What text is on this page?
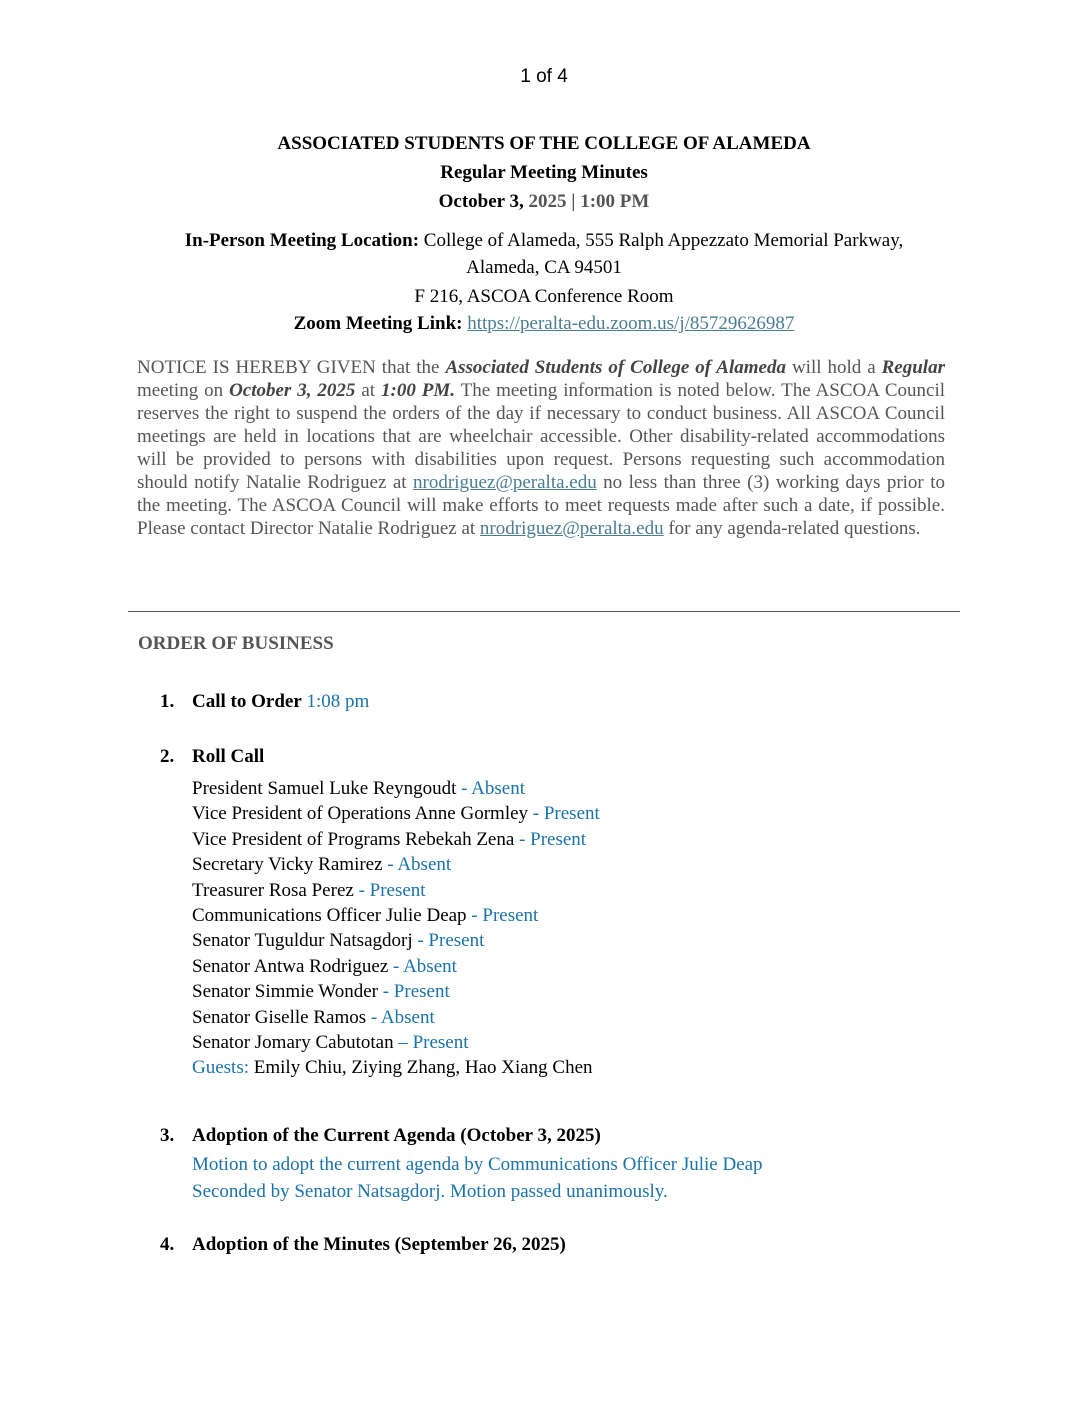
1 of 4
ASSOCIATED STUDENTS OF THE COLLEGE OF ALAMEDA
Regular Meeting Minutes
October 3, 2025 | 1:00 PM
In-Person Meeting Location: College of Alameda, 555 Ralph Appezzato Memorial Parkway,
Alameda, CA 94501
F 216, ASCOA Conference Room
Zoom Meeting Link: https://peralta-edu.zoom.us/j/85729626987
NOTICE IS HEREBY GIVEN that the Associated Students of College of Alameda will hold a Regular meeting on October 3, 2025 at 1:00 PM. The meeting information is noted below. The ASCOA Council reserves the right to suspend the orders of the day if necessary to conduct business. All ASCOA Council meetings are held in locations that are wheelchair accessible. Other disability-related accommodations will be provided to persons with disabilities upon request. Persons requesting such accommodation should notify Natalie Rodriguez at nrodriguez@peralta.edu no less than three (3) working days prior to the meeting. The ASCOA Council will make efforts to meet requests made after such a date, if possible. Please contact Director Natalie Rodriguez at nrodriguez@peralta.edu for any agenda-related questions.
ORDER OF BUSINESS
1. Call to Order 1:08 pm
2. Roll Call
President Samuel Luke Reyngoudt - Absent
Vice President of Operations Anne Gormley - Present
Vice President of Programs Rebekah Zena - Present
Secretary Vicky Ramirez - Absent
Treasurer Rosa Perez - Present
Communications Officer Julie Deap - Present
Senator Tuguldur Natsagdorj - Present
Senator Antwa Rodriguez - Absent
Senator Simmie Wonder - Present
Senator Giselle Ramos - Absent
Senator Jomary Cabutotan – Present
Guests: Emily Chiu, Ziying Zhang, Hao Xiang Chen
3. Adoption of the Current Agenda (October 3, 2025)
Motion to adopt the current agenda by Communications Officer Julie Deap
Seconded by Senator Natsagdorj. Motion passed unanimously.
4. Adoption of the Minutes (September 26, 2025)
